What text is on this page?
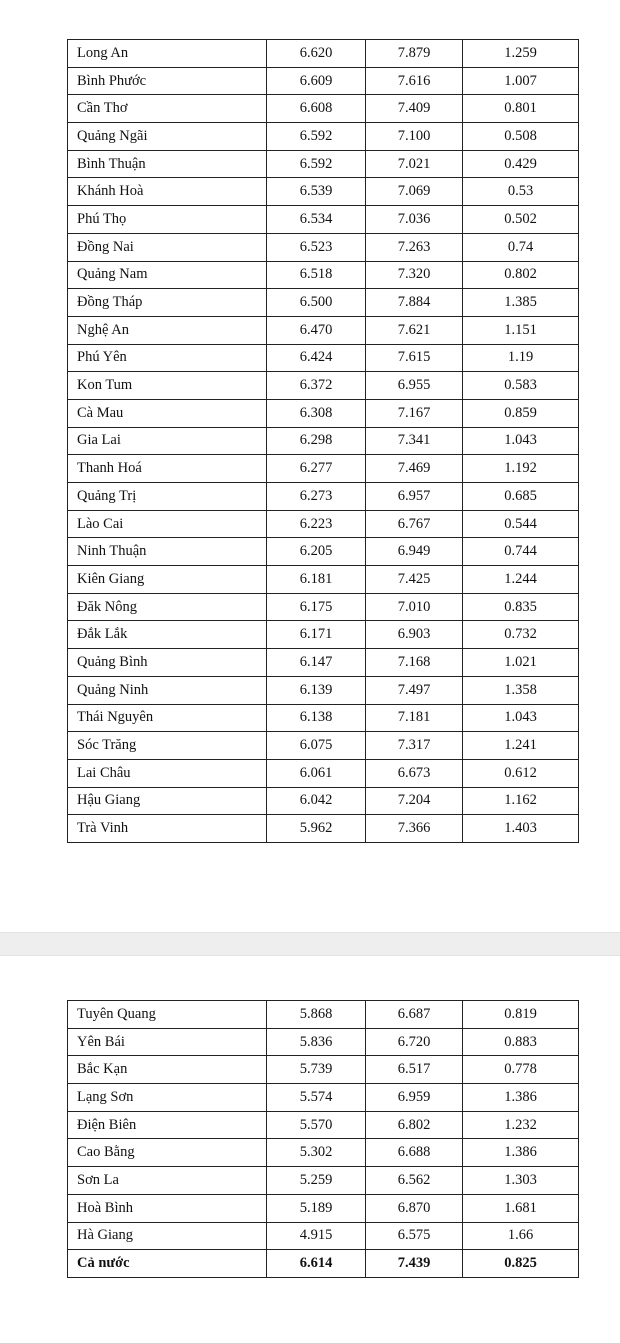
Long An	6.620	7.879	1.259
Bình Phước	6.609	7.616	1.007
Cần Thơ	6.608	7.409	0.801
Quảng Ngãi	6.592	7.100	0.508
Bình Thuận	6.592	7.021	0.429
Khánh Hoà	6.539	7.069	0.53
Phú Thọ	6.534	7.036	0.502
Đồng Nai	6.523	7.263	0.74
Quảng Nam	6.518	7.320	0.802
Đồng Tháp	6.500	7.884	1.385
Nghệ An	6.470	7.621	1.151
Phú Yên	6.424	7.615	1.19
Kon Tum	6.372	6.955	0.583
Cà Mau	6.308	7.167	0.859
Gia Lai	6.298	7.341	1.043
Thanh Hoá	6.277	7.469	1.192
Quảng Trị	6.273	6.957	0.685
Lào Cai	6.223	6.767	0.544
Ninh Thuận	6.205	6.949	0.744
Kiên Giang	6.181	7.425	1.244
Đăk Nông	6.175	7.010	0.835
Đắk Lắk	6.171	6.903	0.732
Quảng Bình	6.147	7.168	1.021
Quảng Ninh	6.139	7.497	1.358
Thái Nguyên	6.138	7.181	1.043
Sóc Trăng	6.075	7.317	1.241
Lai Châu	6.061	6.673	0.612
Hậu Giang	6.042	7.204	1.162
Trà Vinh	5.962	7.366	1.403
Tuyên Quang	5.868	6.687	0.819
Yên Bái	5.836	6.720	0.883
Bắc Kạn	5.739	6.517	0.778
Lạng Sơn	5.574	6.959	1.386
Điện Biên	5.570	6.802	1.232
Cao Bằng	5.302	6.688	1.386
Sơn La	5.259	6.562	1.303
Hoà Bình	5.189	6.870	1.681
Hà Giang	4.915	6.575	1.66
Cả nước	6.614	7.439	0.825
